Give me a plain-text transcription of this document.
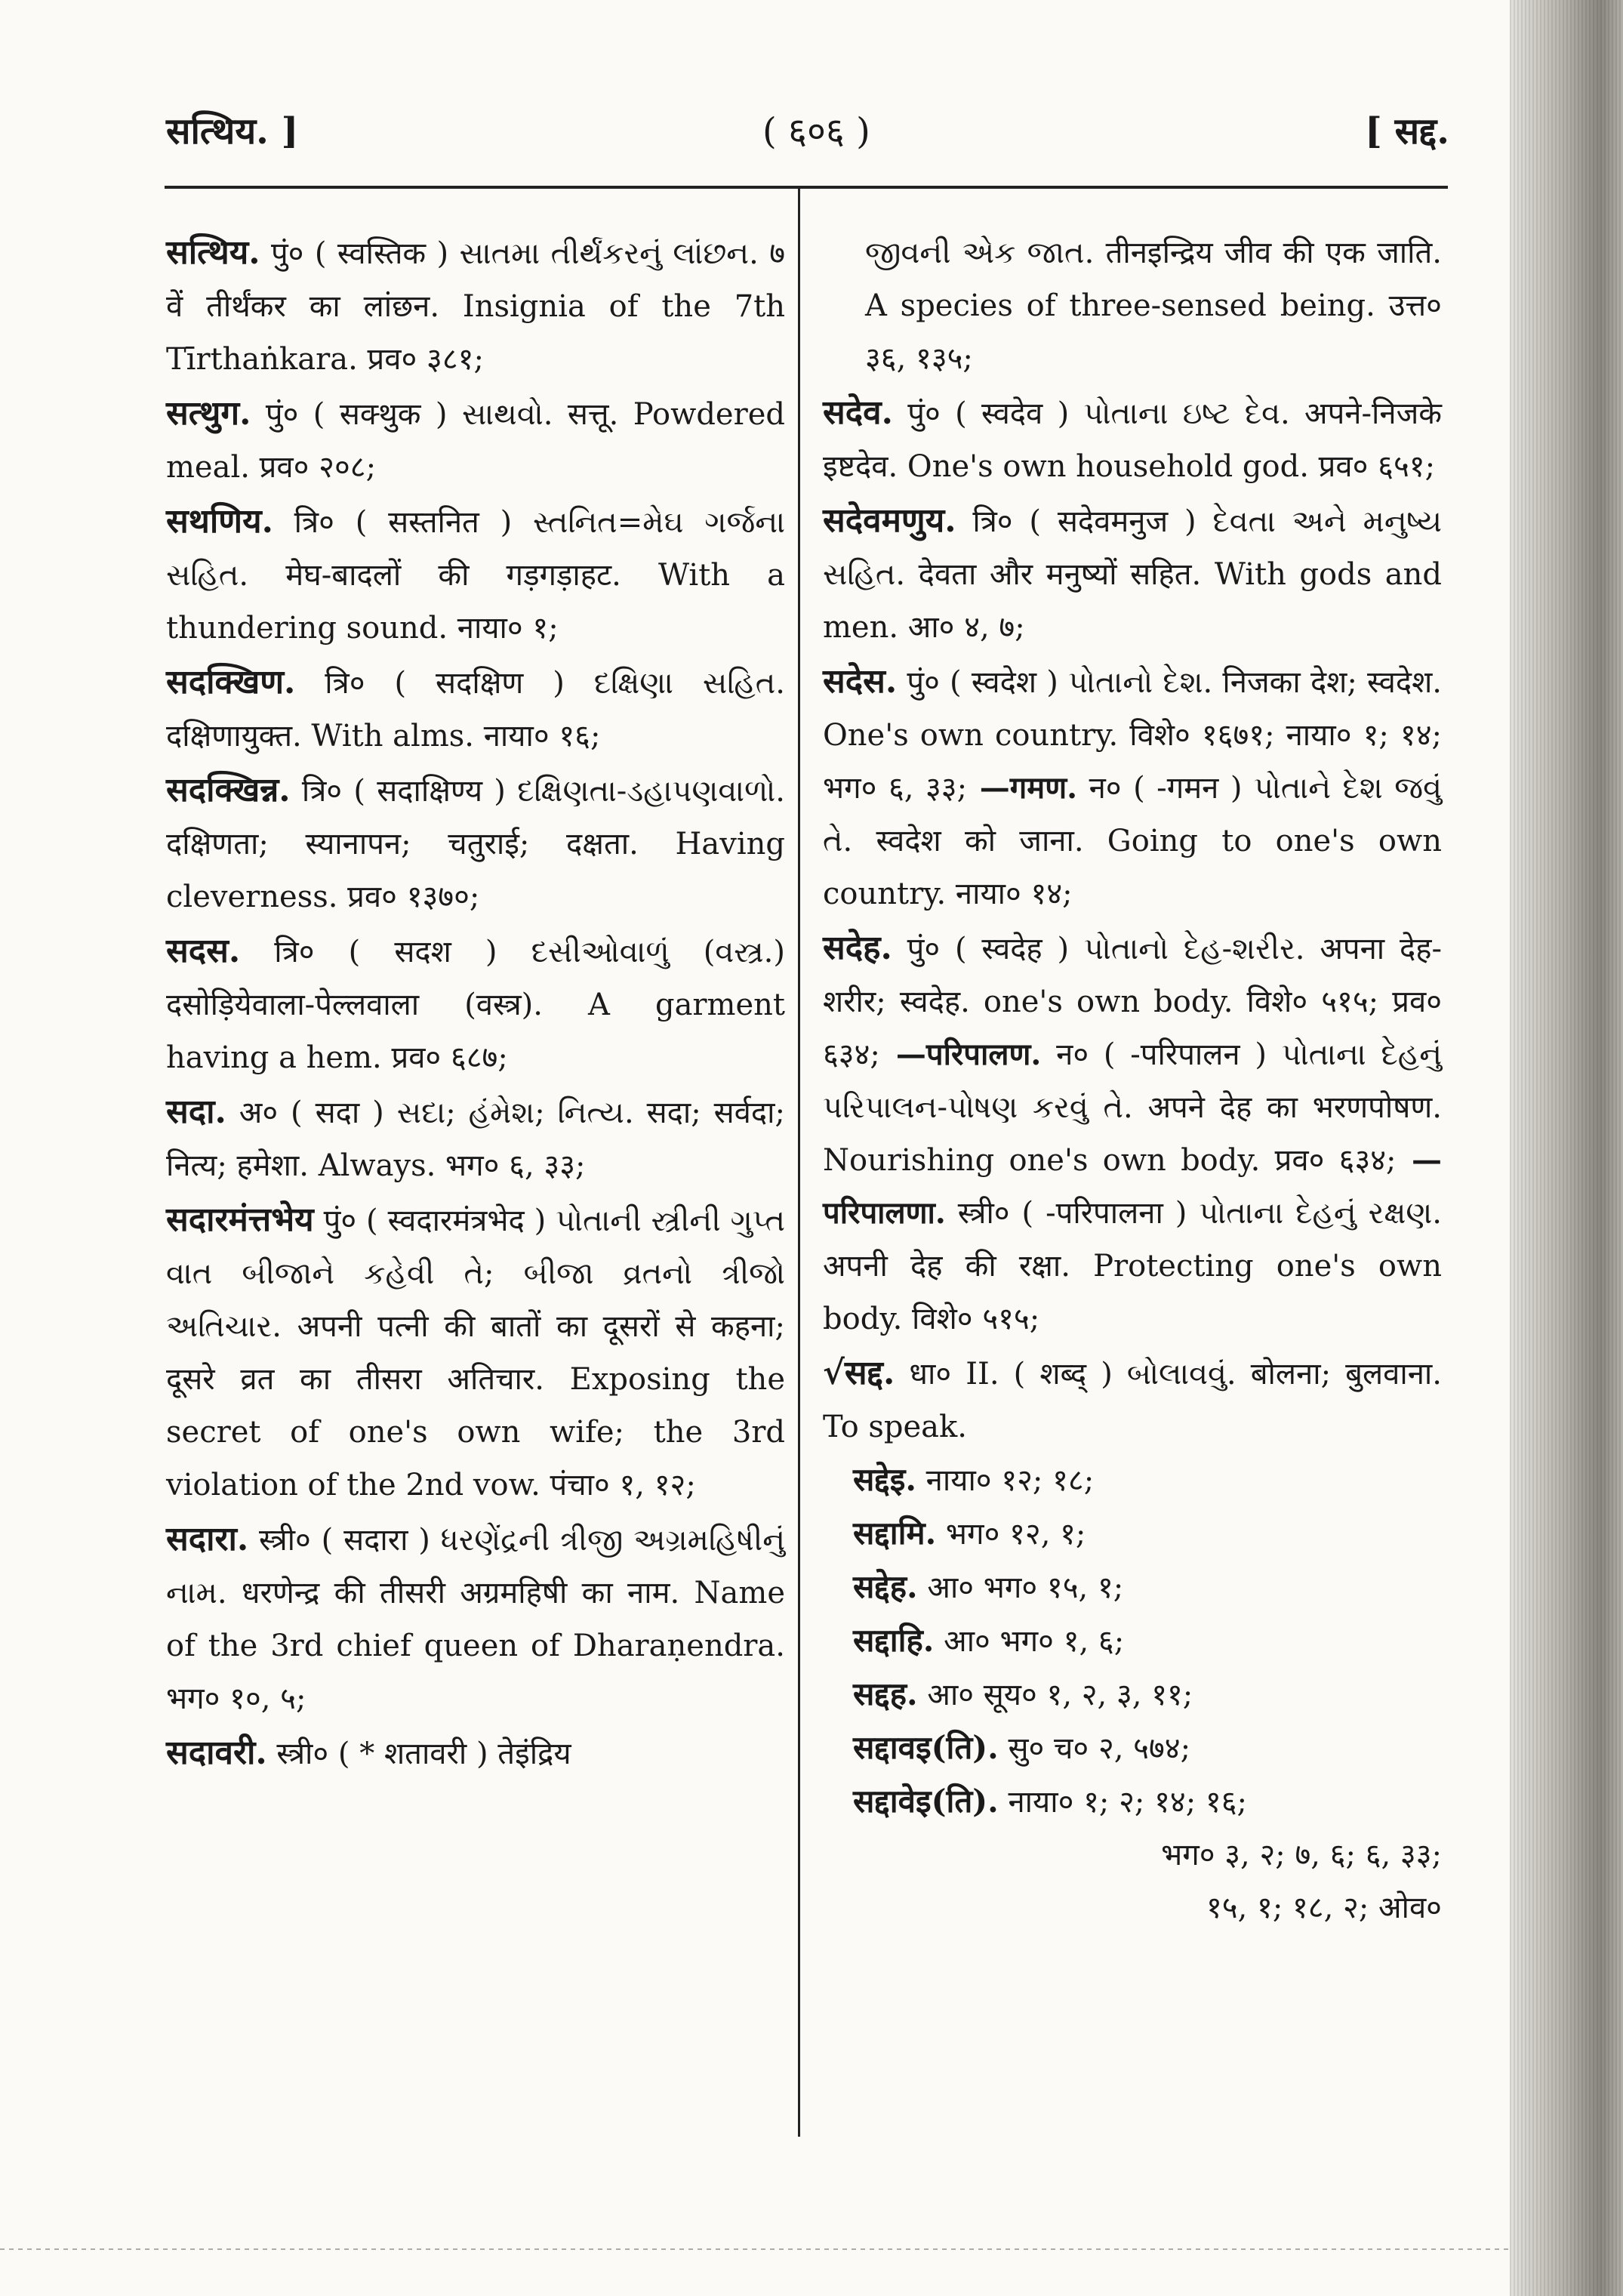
सत्थिय. ]	( ६०६ )	[ सद्द.
सत्थिय. पुं० ( स्वस्तिक ) સાતમા તીર્થંકરનું લાંછન. ७ वें तीर्थंकर का लांछन. Insignia of the 7th Tīrthaṅkara. प्रव० ३८१;
सत्थुग. पुं० ( सक्थुक ) સાથવો. सत्तू. Powdered meal. प्रव० २०८;
सथणिय. त्रि० ( सस्तनित ) સ્તનિત=મેઘ ગર્જના સહિત. मेघ-बादलों की गड़गड़ाहट. With a thundering sound. नाया० १;
सदक्खिण. त्रि० ( सदक्षिण ) દક્ષિણા સહિત. दक्षिणायुक्त. With alms. नाया० १६;
सदक्खिन्न. त्रि० ( सदाक्षिण्य ) દક્ષિણતા-ડહાપણવાળો. दक्षिणता; स्यानापन; चतुराई; दक्षता. Having cleverness. प्रव० १३७०;
सदस. त्रि० ( सदश ) દસીઓવાળું (વસ્ત્ર.) दसोड़ियेवाला-पेल्लवाला (वस्त्र). A garment having a hem. प्रव० ६८७;
सदा. अ० ( सदा ) સદા; હંમેશ; નિત્ય. सदा; सर्वदा; नित्य; हमेशा. Always. भग० ६, ३३;
सदारमंत्तभेय पुं० ( स्वदारमंत्रभेद ) પોતાની સ્ત્રીની ગુપ્ત વાત બીજાને કહેવી તે; બીજા વ્રતનો ત્રીજો અતિચાર. अपनी पत्नी की बातों का दूसरों से कहना; दूसरे व्रत का तीसरा अतिचार. Exposing the secret of one's own wife; the 3rd violation of the 2nd vow. पंचा० १, १२;
सदारा. स्त्री० ( सदारा ) ધરણેંદ્રની ત્રીજી અગ્રમહિષીનું નામ. धरणेन्द्र की तीसरी अग्रमहिषी का नाम. Name of the 3rd chief queen of Dharaṇendra. भग० १०, ५;
सदावरी. स्त्री० ( * शतावरी ) तेइंद्रिय
જીવની એક જાત. तीनइन्द्रिय जीव की एक जाति. A species of three-sensed being. उत्त० ३६, १३५;
सदेव. पुं० ( स्वदेव ) પોતાના ઇષ્ટ દેવ. अपने-निजके इष्टदेव. One's own household god. प्रव० ६५१;
सदेवमणुय. त्रि० ( सदेवमनुज ) દેવતા અને મનુષ્ય સહિત. देवता और मनुष्यों सहित. With gods and men. आ० ४, ७;
सदेस. पुं० ( स्वदेश ) પોતાનો દેશ. निजका देश; स्वदेश. One's own country. विशे० १६७१; नाया० १; १४; भग० ६, ३३; —गमण. न० ( -गमन ) પોતાને દેશ જવું તે. स्वदेश को जाना. Going to one's own country. नाया० १४;
सदेह. पुं० ( स्वदेह ) પોતાનો દેહ-શરીર. अपना देह-शरीर; स्वदेह. one's own body. विशे० ५१५; प्रव० ६३४; —परिपालण. न० ( -परिपालन ) પોતાના દેહનું પરિપાલન-પોષણ કરવું તે. अपने देह का भरणपोषण. Nourishing one's own body. प्रव० ६३४; —परिपालणा. स्त्री० ( -परिपालना ) પોતાના દેહનું રક્ષણ. अपनी देह की रक्षा. Protecting one's own body. विशे० ५१५;
√सद्द. धा० II. ( शब्द् ) બોલાવવું. बोलना; बुलवाना. To speak.
सद्देइ. नाया० १२; १८;
सद्दामि. भग० १२, १;
सद्देह. आ० भग० १५, १;
सद्दाहि. आ० भग० १, ६;
सद्दह. आ० सूय० १, २, ३, ११;
सद्दावइ(ति). सु० च० २, ५७४;
सद्दावेइ(ति). नाया० १; २; १४; १६;
भग० ३, २; ७, ६; ६, ३३;
१५, १; १८, २; ओव०
